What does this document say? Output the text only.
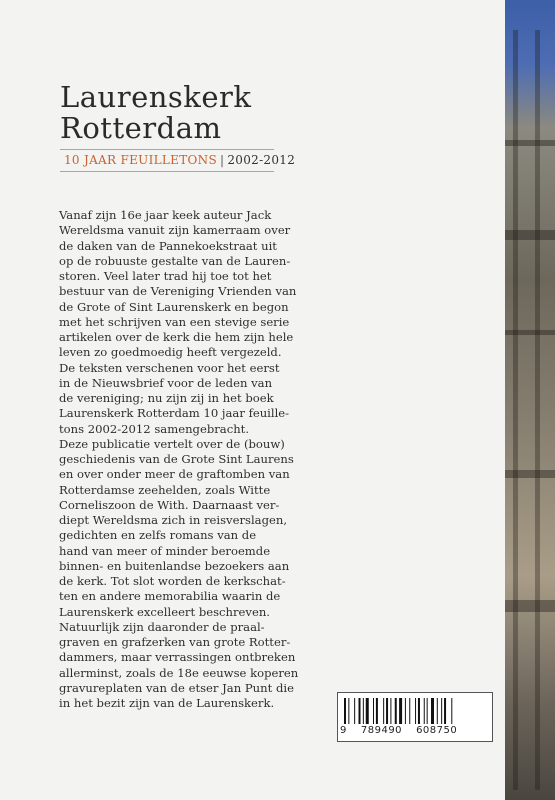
Laurenskerk
Rotterdam
10 JAAR FEUILLETONS | 2002-2012

Vanaf zijn 16e jaar keek auteur Jack
Wereldsma vanuit zijn kamerraam over
de daken van de Pannekoekstraat uit
op de robuuste gestalte van de Lauren-
storen. Veel later trad hij toe tot het
bestuur van de Vereniging Vrienden van
de Grote of Sint Laurenskerk en begon
met het schrijven van een stevige serie
artikelen over de kerk die hem zijn hele
leven zo goedmoedig heeft vergezeld.
De teksten verschenen voor het eerst
in de Nieuwsbrief voor de leden van
de vereniging; nu zijn zij in het boek
Laurenskerk Rotterdam 10 jaar feuille-
tons 2002-2012 samengebracht.
Deze publicatie vertelt over de (bouw)
geschiedenis van de Grote Sint Laurens
en over onder meer de graftomben van
Rotterdamse zeehelden, zoals Witte
Corneliszoon de With. Daarnaast ver-
diept Wereldsma zich in reisverslagen,
gedichten en zelfs romans van de
hand van meer of minder beroemde
binnen- en buitenlandse bezoekers aan
de kerk. Tot slot worden de kerkschat-
ten en andere memorabilia waarin de
Laurenskerk excelleert beschreven.
Natuurlijk zijn daaronder de praal-
graven en grafzerken van grote Rotter-
dammers, maar verrassingen ontbreken
allerminst, zoals de 18e eeuwse koperen
gravureplaten van de etser Jan Punt die
in het bezit zijn van de Laurenskerk.

9 789490 608750
